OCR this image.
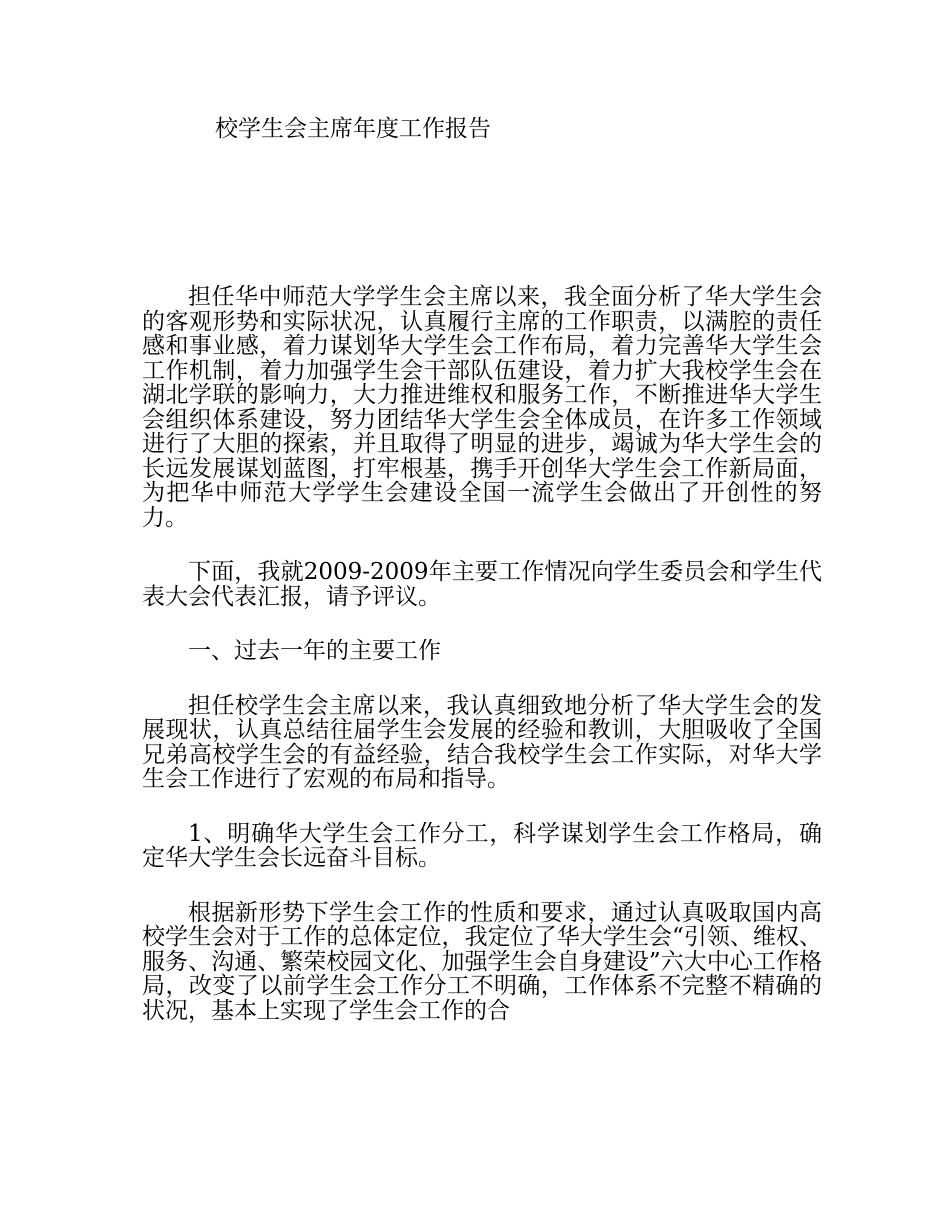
校学生会主席年度工作报告

担任华中师范大学学生会主席以来，我全面分析了华大学生会的客观形势和实际状况，认真履行主席的工作职责，以满腔的责任感和事业感，着力谋划华大学生会工作布局，着力完善华大学生会工作机制，着力加强学生会干部队伍建设，着力扩大我校学生会在湖北学联的影响力，大力推进维权和服务工作，不断推进华大学生会组织体系建设，努力团结华大学生会全体成员，在许多工作领域进行了大胆的探索，并且取得了明显的进步，竭诚为华大学生会的长远发展谋划蓝图，打牢根基，携手开创华大学生会工作新局面，为把华中师范大学学生会建设全国一流学生会做出了开创性的努力。

下面，我就2009-2009年主要工作情况向学生委员会和学生代表大会代表汇报，请予评议。

一、过去一年的主要工作

担任校学生会主席以来，我认真细致地分析了华大学生会的发展现状，认真总结往届学生会发展的经验和教训，大胆吸收了全国兄弟高校学生会的有益经验，结合我校学生会工作实际，对华大学生会工作进行了宏观的布局和指导。

1、明确华大学生会工作分工，科学谋划学生会工作格局，确定华大学生会长远奋斗目标。

根据新形势下学生会工作的性质和要求，通过认真吸取国内高校学生会对于工作的总体定位，我定位了华大学生会“引领、维权、服务、沟通、繁荣校园文化、加强学生会自身建设”六大中心工作格局，改变了以前学生会工作分工不明确，工作体系不完整不精确的状况，基本上实现了学生会工作的合
